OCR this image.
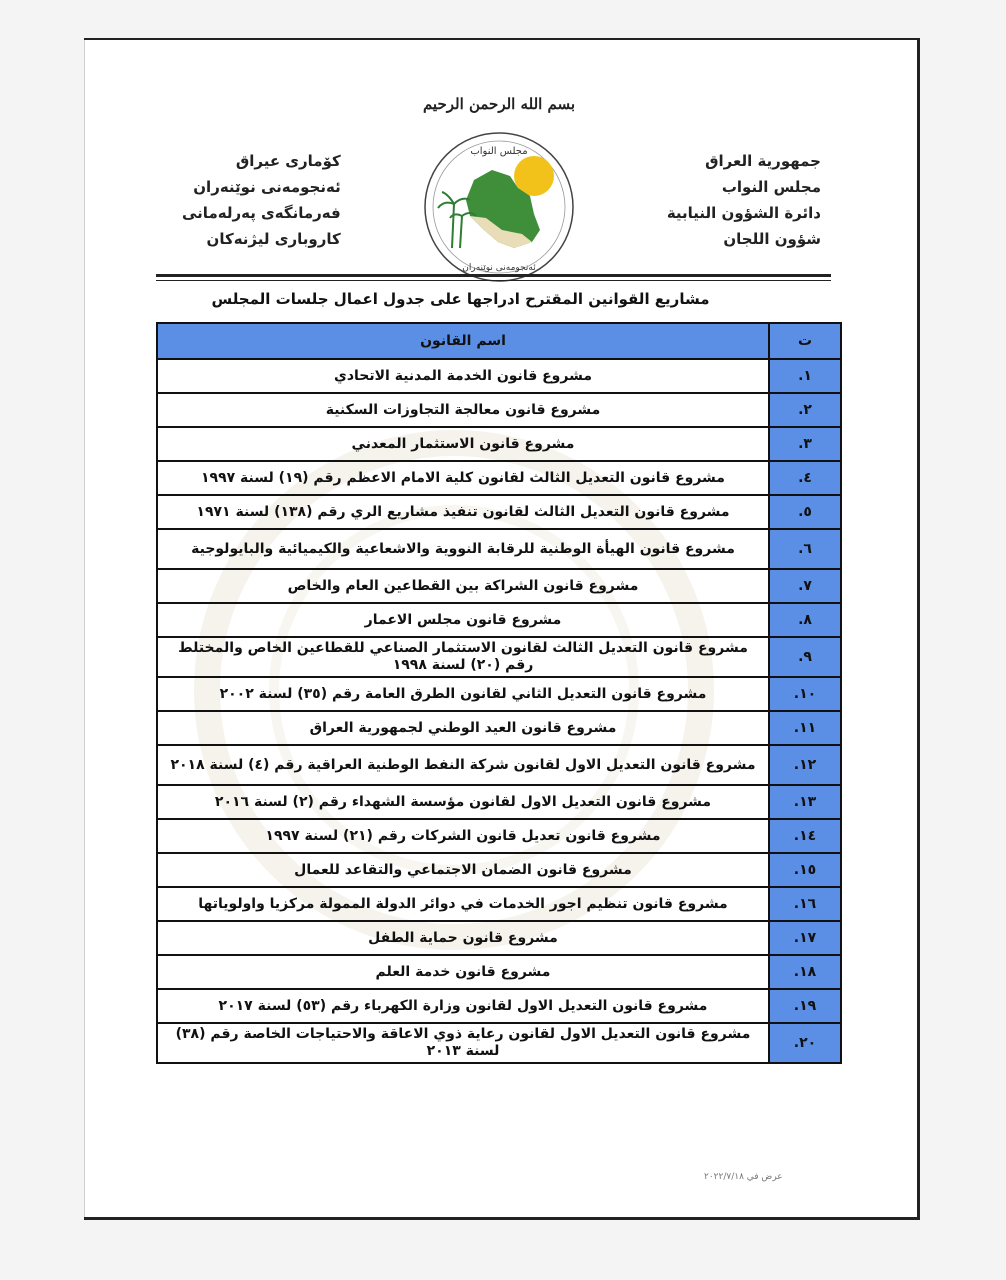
بسم الله الرحمن الرحيم
جمهورية العراق
مجلس النواب
دائرة الشؤون النيابية
شؤون اللجان
کۆماری عیراق
ئەنجومەنی نوێنەران
فەرمانگەی پەرلەمانی
کاروباری لیژنەکان
مجلس النواب
ئەنجومەنی نوێنەران
مشاريع القوانين المقترح ادراجها على جدول اعمال جلسات المجلس
ت	اسم القانون
١.	مشروع قانون الخدمة المدنية الاتحادي
٢.	مشروع قانون معالجة التجاوزات السكنية
٣.	مشروع قانون الاستثمار المعدني
٤.	مشروع قانون التعديل الثالث لقانون كلية الامام الاعظم رقم (١٩) لسنة ١٩٩٧
٥.	مشروع قانون التعديل الثالث لقانون تنفيذ مشاريع الري رقم (١٣٨) لسنة ١٩٧١
٦.	مشروع قانون الهيأة الوطنية للرقابة النووية والاشعاعية والكيميائية والبايولوجية
٧.	مشروع قانون الشراكة بين القطاعين العام والخاص
٨.	مشروع قانون مجلس الاعمار
٩.	مشروع قانون التعديل الثالث لقانون الاستثمار الصناعي للقطاعين الخاص والمختلط رقم (٢٠) لسنة ١٩٩٨
١٠.	مشروع قانون التعديل الثاني لقانون الطرق العامة رقم (٣٥) لسنة ٢٠٠٢
١١.	مشروع قانون العيد الوطني لجمهورية العراق
١٢.	مشروع قانون التعديل الاول لقانون شركة النفط الوطنية العراقية رقم (٤) لسنة ٢٠١٨
١٣.	مشروع قانون التعديل الاول لقانون مؤسسة الشهداء رقم (٢) لسنة ٢٠١٦
١٤.	مشروع قانون تعديل قانون الشركات رقم (٢١) لسنة ١٩٩٧
١٥.	مشروع قانون الضمان الاجتماعي والتقاعد للعمال
١٦.	مشروع قانون تنظيم اجور الخدمات في دوائر الدولة الممولة مركزيا واولوياتها
١٧.	مشروع قانون حماية الطفل
١٨.	مشروع قانون خدمة العلم
١٩.	مشروع قانون التعديل الاول لقانون وزارة الكهرباء رقم (٥٣) لسنة ٢٠١٧
٢٠.	مشروع قانون التعديل الاول لقانون رعاية ذوي الاعاقة والاحتياجات الخاصة رقم (٣٨) لسنة ٢٠١٣
عرض في ٢٠٢٢/٧/١٨
